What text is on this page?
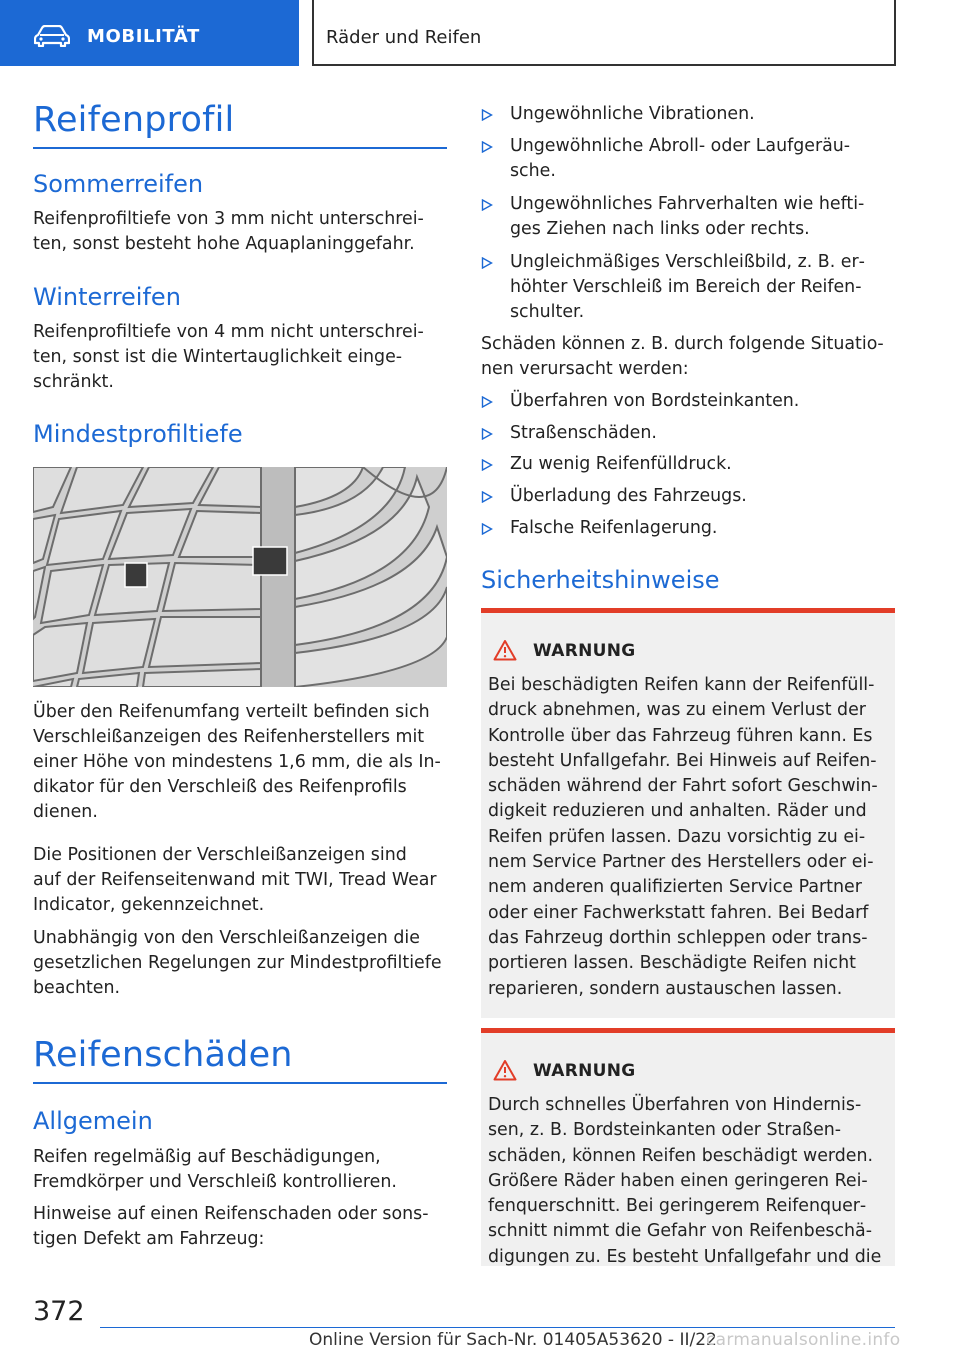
MOBILITÄT	Räder und Reifen
Reifenprofil
Sommerreifen
Reifenprofiltiefe von 3 mm nicht unterschrei‐
ten, sonst besteht hohe Aquaplaninggefahr.
Winterreifen
Reifenprofiltiefe von 4 mm nicht unterschrei‐
ten, sonst ist die Wintertauglichkeit einge‐
schränkt.
Mindestprofiltiefe
Über den Reifenumfang verteilt befinden sich
Verschleißanzeigen des Reifenherstellers mit
einer Höhe von mindestens 1,6 mm, die als In‐
dikator für den Verschleiß des Reifenprofils
dienen.
Die Positionen der Verschleißanzeigen sind
auf der Reifenseitenwand mit TWI, Tread Wear
Indicator, gekennzeichnet.
Unabhängig von den Verschleißanzeigen die
gesetzlichen Regelungen zur Mindestprofiltiefe
beachten.
Reifenschäden
Allgemein
Reifen regelmäßig auf Beschädigungen,
Fremdkörper und Verschleiß kontrollieren.
Hinweise auf einen Reifenschaden oder sons‐
tigen Defekt am Fahrzeug:
Ungewöhnliche Vibrationen.
Ungewöhnliche Abroll- oder Laufgeräu‐
sche.
Ungewöhnliches Fahrverhalten wie hefti‐
ges Ziehen nach links oder rechts.
Ungleichmäßiges Verschleißbild, z. B. er‐
höhter Verschleiß im Bereich der Reifen‐
schulter.
Schäden können z. B. durch folgende Situatio‐
nen verursacht werden:
Überfahren von Bordsteinkanten.
Straßenschäden.
Zu wenig Reifenfülldruck.
Überladung des Fahrzeugs.
Falsche Reifenlagerung.
Sicherheitshinweise
WARNUNG
Bei beschädigten Reifen kann der Reifenfüll‐
druck abnehmen, was zu einem Verlust der
Kontrolle über das Fahrzeug führen kann. Es
besteht Unfallgefahr. Bei Hinweis auf Reifen‐
schäden während der Fahrt sofort Geschwin‐
digkeit reduzieren und anhalten. Räder und
Reifen prüfen lassen. Dazu vorsichtig zu ei‐
nem Service Partner des Herstellers oder ei‐
nem anderen qualifizierten Service Partner
oder einer Fachwerkstatt fahren. Bei Bedarf
das Fahrzeug dorthin schleppen oder trans‐
portieren lassen. Beschädigte Reifen nicht
reparieren, sondern austauschen lassen.
WARNUNG
Durch schnelles Überfahren von Hindernis‐
sen, z. B. Bordsteinkanten oder Straßen‐
schäden, können Reifen beschädigt werden.
Größere Räder haben einen geringeren Rei‐
fenquerschnitt. Bei geringerem Reifenquer‐
schnitt nimmt die Gefahr von Reifenbeschä‐
digungen zu. Es besteht Unfallgefahr und die
372
Online Version für Sach-Nr. 01405A53620 - II/22
carmanualsonline.info
